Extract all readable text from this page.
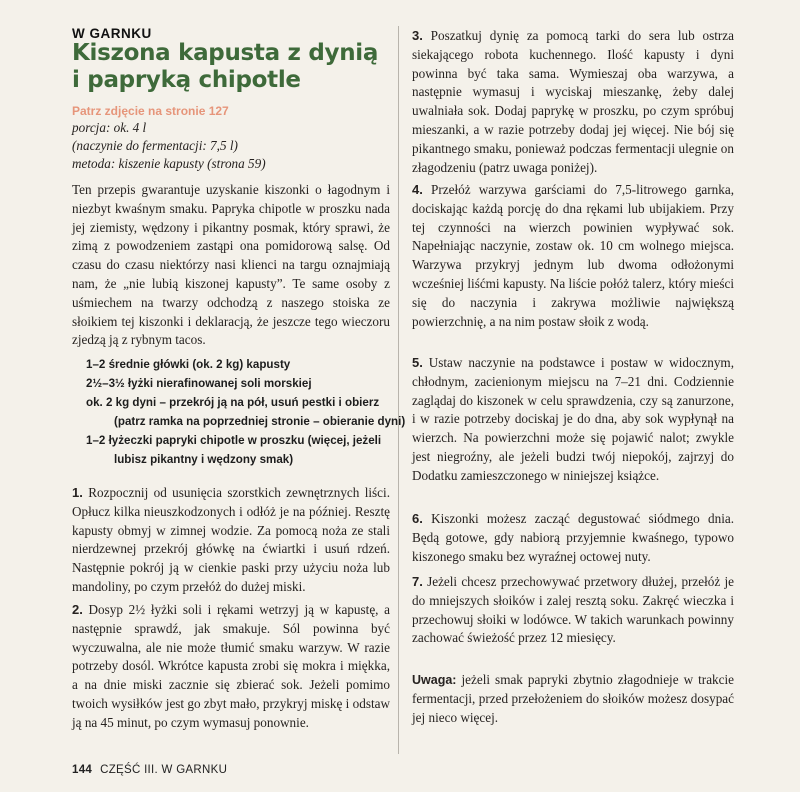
W GARNKU
Kiszona kapusta z dynią
i papryką chipotle
Patrz zdjęcie na stronie 127
porcja: ok. 4 l
(naczynie do fermentacji: 7,5 l)
metoda: kiszenie kapusty (strona 59)

Ten przepis gwarantuje uzyskanie kiszonki o łagodnym i niezbyt kwaśnym smaku. Papryka chipotle w proszku nada jej ziemisty, wędzony i pikantny posmak, który sprawi, że zimą z powodzeniem zastąpi ona pomidorową salsę. Od czasu do czasu niektórzy nasi klienci na targu oznajmiają nam, że „nie lubią kiszonej kapusty”. Te same osoby z uśmiechem na twarzy odchodzą z naszego stoiska ze słoikiem tej kiszonki i deklaracją, że jeszcze tego wieczoru zjedzą ją z rybnym tacos.

1–2 średnie główki (ok. 2 kg) kapusty
2½–3½ łyżki nierafinowanej soli morskiej
ok. 2 kg dyni – przekrój ją na pół, usuń pestki i obierz
(patrz ramka na poprzedniej stronie – obieranie dyni)
1–2 łyżeczki papryki chipotle w proszku (więcej, jeżeli
lubisz pikantny i wędzony smak)

1. Rozpocznij od usunięcia szorstkich zewnętrznych liści. Opłucz kilka nieuszkodzonych i odłóż je na później. Resztę kapusty obmyj w zimnej wodzie. Za pomocą noża ze stali nierdzewnej przekrój główkę na ćwiartki i usuń rdzeń. Następnie pokrój ją w cienkie paski przy użyciu noża lub mandoliny, po czym przełóż do dużej miski.

2. Dosyp 2½ łyżki soli i rękami wetrzyj ją w kapustę, a następnie sprawdź, jak smakuje. Sól powinna być wyczuwalna, ale nie może tłumić smaku warzyw. W razie potrzeby dosól. Wkrótce kapusta zrobi się mokra i miękka, a na dnie miski zacznie się zbierać sok. Jeżeli pomimo twoich wysiłków jest go zbyt mało, przykryj miskę i odstaw ją na 45 minut, po czym wymasuj ponownie.

3. Poszatkuj dynię za pomocą tarki do sera lub ostrza siekającego robota kuchennego. Ilość kapusty i dyni powinna być taka sama. Wymieszaj oba warzywa, a następnie wymasuj i wyciskaj mieszankę, żeby dalej uwalniała sok. Dodaj paprykę w proszku, po czym spróbuj mieszanki, a w razie potrzeby dodaj jej więcej. Nie bój się pikantnego smaku, ponieważ podczas fermentacji ulegnie on złagodzeniu (patrz uwaga poniżej).

4. Przełóż warzywa garściami do 7,5-litrowego garnka, dociskając każdą porcję do dna rękami lub ubijakiem. Przy tej czynności na wierzch powinien wypływać sok. Napełniając naczynie, zostaw ok. 10 cm wolnego miejsca. Warzywa przykryj jednym lub dwoma odłożonymi wcześniej liśćmi kapusty. Na liście połóż talerz, który mieści się do naczynia i zakrywa możliwie największą powierzchnię, a na nim postaw słoik z wodą.

5. Ustaw naczynie na podstawce i postaw w widocznym, chłodnym, zacienionym miejscu na 7–21 dni. Codziennie zaglądaj do kiszonek w celu sprawdzenia, czy są zanurzone, i w razie potrzeby dociskaj je do dna, aby sok wypłynął na wierzch. Na powierzchni może się pojawić nalot; zwykle jest niegroźny, ale jeżeli budzi twój niepokój, zajrzyj do Dodatku zamieszczonego w niniejszej książce.

6. Kiszonki możesz zacząć degustować siódmego dnia. Będą gotowe, gdy nabiorą przyjemnie kwaśnego, typowo kiszonego smaku bez wyraźnej octowej nuty.

7. Jeżeli chcesz przechowywać przetwory dłużej, przełóż je do mniejszych słoików i zalej resztą soku. Zakręć wieczka i przechowuj słoiki w lodówce. W takich warunkach powinny zachować świeżość przez 12 miesięcy.

Uwaga: jeżeli smak papryki zbytnio złagodnieje w trakcie fermentacji, przed przełożeniem do słoików możesz dosypać jej nieco więcej.

144 CZĘŚĆ III. W GARNKU
